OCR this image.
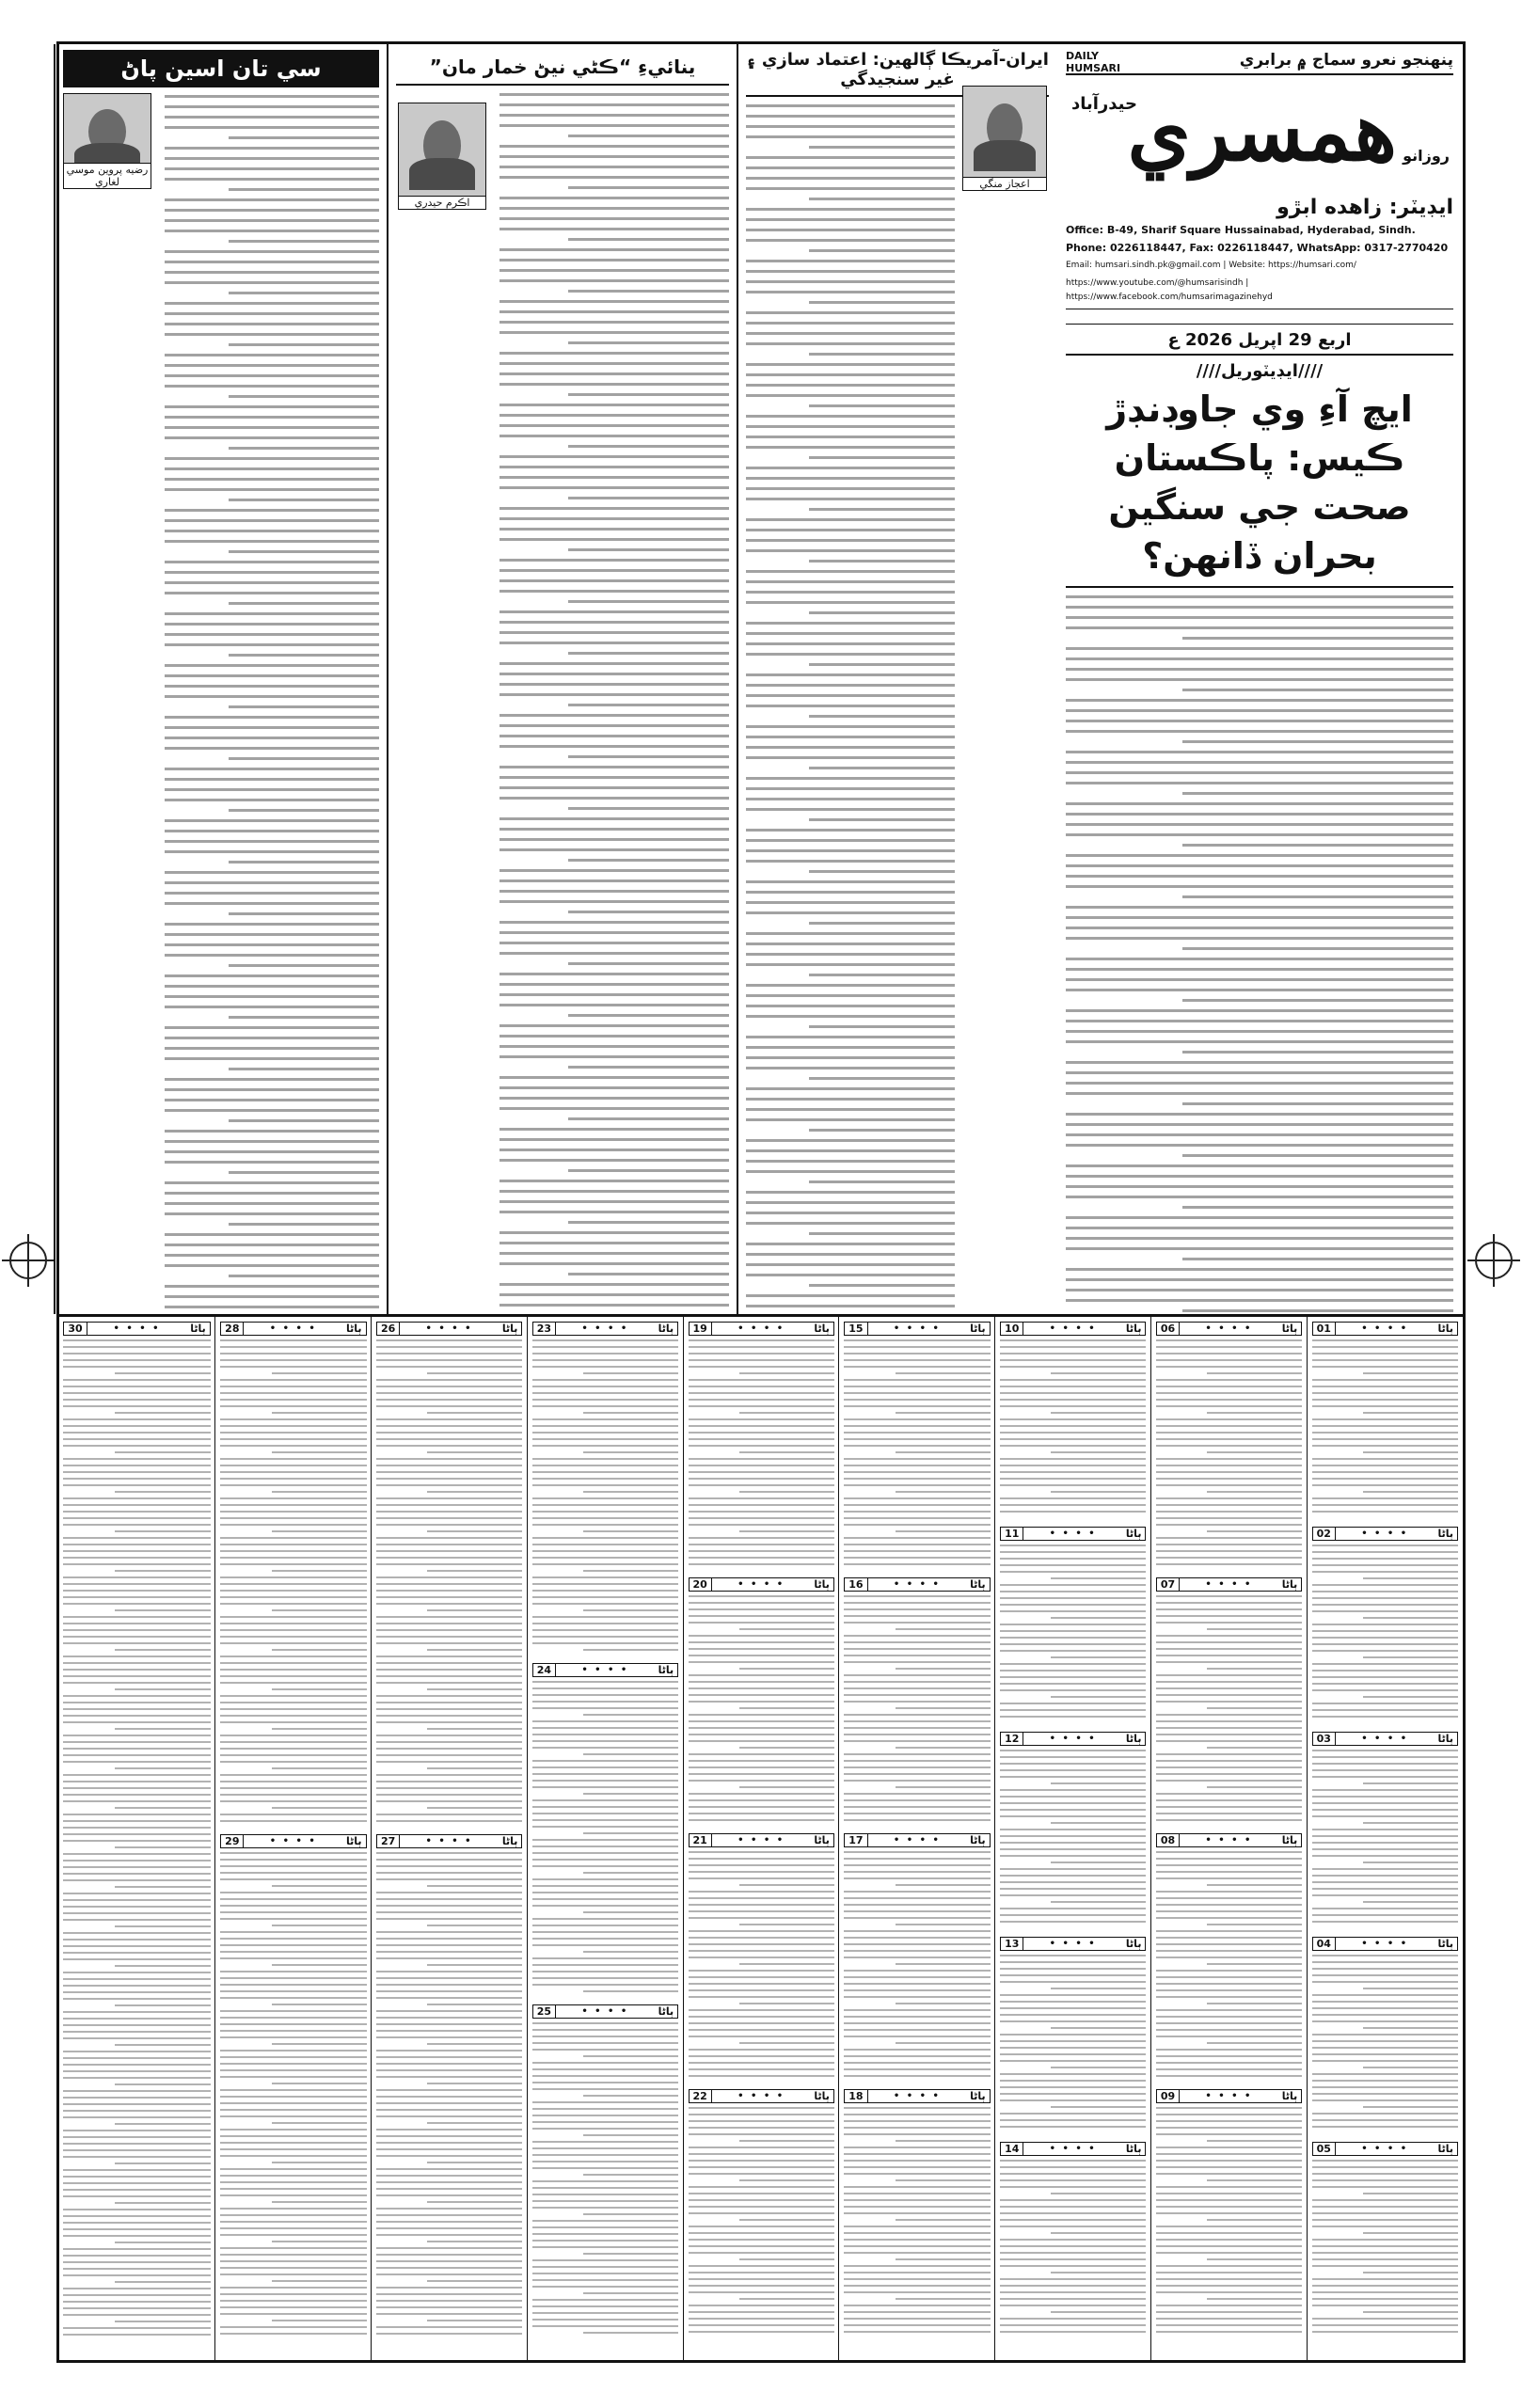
پنهنجو نعرو سماج ۾ برابري
DAILY
HUMSARI
روزانو
همسري
حيدرآباد
ايڊيٽر: زاهده ابڙو
Office: B-49, Sharif Square Hussainabad, Hyderabad, Sindh.
Phone: 0226118447, Fax: 0226118447, WhatsApp: 0317-2770420
Email: humsari.sindh.pk@gmail.com | Website: https://humsari.com/
https://www.youtube.com/@humsarisindh | https://www.facebook.com/humsarimagazinehyd

اربع 29 اپريل 2026 ع
////ايڊيٽوريل////
ايچ آءِ وي جاوڊنڊڙ ڪيس: پاڪستان صحت جي سنگين بحران ڏانهن؟
ايران-آمريڪا ڳالهين: اعتماد سازي ۽ غير سنجيدگي
اعجاز منگي
ينائيءِ “ڪڻي نيڻ خمار مان”
اڪرم حيدري
سي تان اسين پاڻ
رضيه پروين موسي لغاري
01	• • • •	ٻاڻا
02	• • • •	ٻاڻا
03	• • • •	ٻاڻا
04	• • • •	ٻاڻا
05	• • • •	ٻاڻا
06	• • • •	ٻاڻا
07	• • • •	ٻاڻا
08	• • • •	ٻاڻا
09	• • • •	ٻاڻا
10	• • • •	ٻاڻا
11	• • • •	ٻاڻا
12	• • • •	ٻاڻا
13	• • • •	ٻاڻا
14	• • • •	ٻاڻا
15	• • • •	ٻاڻا
16	• • • •	ٻاڻا
17	• • • •	ٻاڻا
18	• • • •	ٻاڻا
19	• • • •	ٻاڻا
20	• • • •	ٻاڻا
21	• • • •	ٻاڻا
22	• • • •	ٻاڻا
23	• • • •	ٻاڻا
24	• • • •	ٻاڻا
25	• • • •	ٻاڻا
26	• • • •	ٻاڻا
27	• • • •	ٻاڻا
28	• • • •	ٻاڻا
29	• • • •	ٻاڻا
30	• • • •	ٻاڻا
